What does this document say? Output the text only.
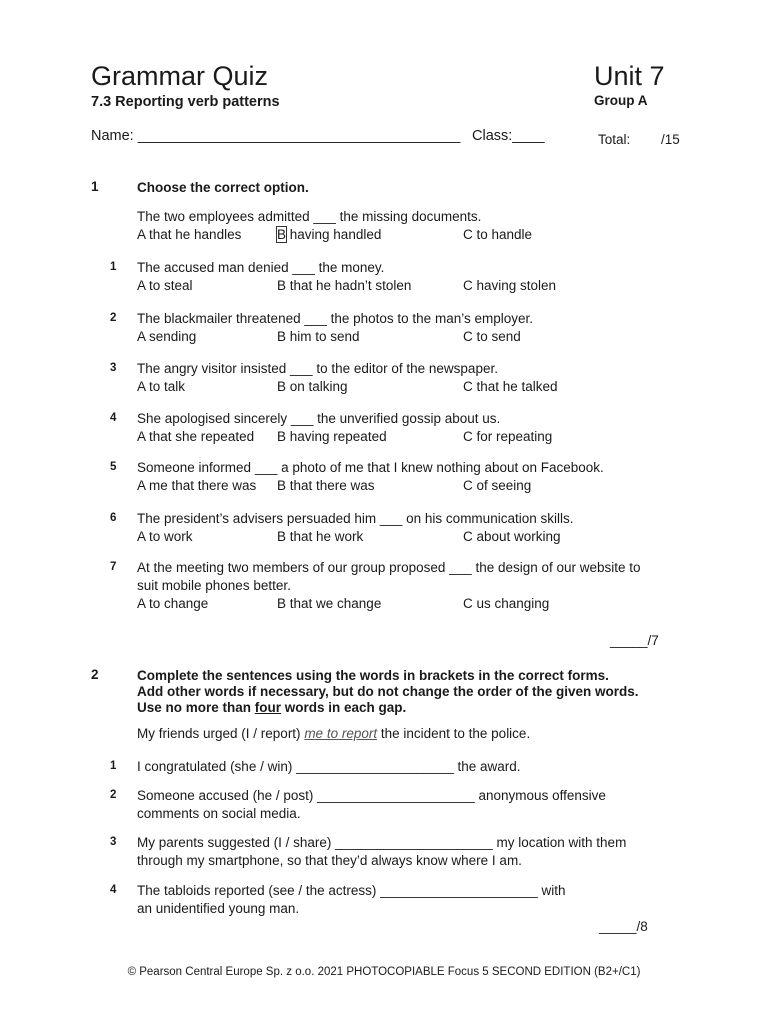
Grammar Quiz	Unit 7
7.3 Reporting verb patterns	Group A
Name: ________________________________________ Class:____	Total: /15
1	Choose the correct option.
The two employees admitted ___ the missing documents.
A that he handles	B having handled	C to handle
1 The accused man denied ___ the money.
A to steal	B that he hadn’t stolen	C having stolen
2 The blackmailer threatened ___ the photos to the man’s employer.
A sending	B him to send	C to send
3 The angry visitor insisted ___ to the editor of the newspaper.
A to talk	B on talking	C that he talked
4 She apologised sincerely ___ the unverified gossip about us.
A that she repeated B having repeated	C for repeating
5 Someone informed ___ a photo of me that I knew nothing about on Facebook.
A me that there was B that there was	C of seeing
6 The president’s advisers persuaded him ___ on his communication skills.
A to work	B that he work	C about working
7 At the meeting two members of our group proposed ___ the design of our website to
suit mobile phones better.
A to change	B that we change	C us changing
_____/7
2	Complete the sentences using the words in brackets in the correct forms.
Add other words if necessary, but do not change the order of the given words.
Use no more than four words in each gap.
My friends urged (I / report) me to report the incident to the police.
1 I congratulated (she / win) _____________________ the award.
2 Someone accused (he / post) _____________________ anonymous offensive
comments on social media.
3 My parents suggested (I / share) _____________________ my location with them
through my smartphone, so that they’d always know where I am.
4 The tabloids reported (see / the actress) _____________________ with
an unidentified young man.
_____/8
© Pearson Central Europe Sp. z o.o. 2021 PHOTOCOPIABLE Focus 5 SECOND EDITION (B2+/C1)
